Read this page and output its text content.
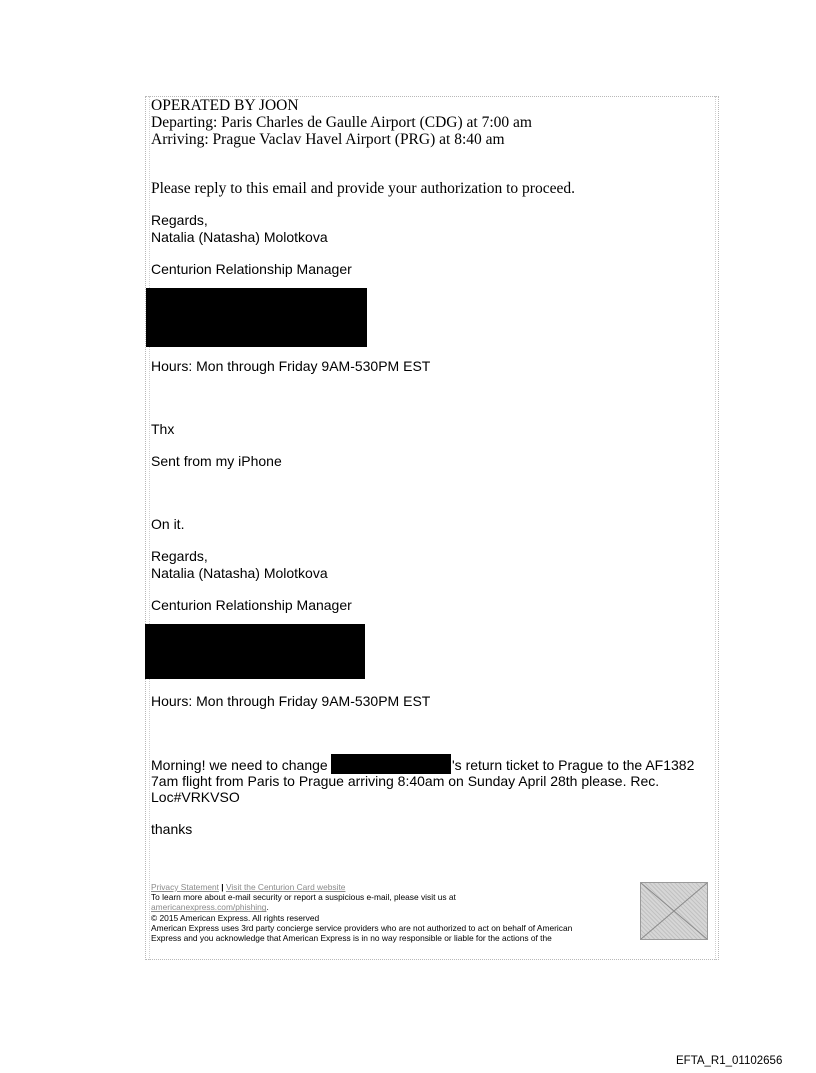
OPERATED BY JOON
Departing: Paris Charles de Gaulle Airport (CDG) at 7:00 am
Arriving: Prague Vaclav Havel Airport (PRG) at 8:40 am
Please reply to this email and provide your authorization to proceed.
Regards,
Natalia (Natasha) Molotkova
Centurion Relationship Manager
Hours: Mon through Friday 9AM-530PM EST
Thx
Sent from my iPhone
On it.
Regards,
Natalia (Natasha) Molotkova
Centurion Relationship Manager
Hours: Mon through Friday 9AM-530PM EST
Morning! we need to change	's return ticket to Prague to the AF1382
7am flight from Paris to Prague arriving 8:40am on Sunday April 28th please. Rec.
Loc#VRKVSO
thanks
Privacy Statement | Visit the Centurion Card website
To learn more about e-mail security or report a suspicious e-mail, please visit us at
americanexpress.com/phishing.
© 2015 American Express. All rights reserved
American Express uses 3rd party concierge service providers who are not authorized to act on behalf of American
Express and you acknowledge that American Express is in no way responsible or liable for the actions of the
EFTA_R1_01102656
